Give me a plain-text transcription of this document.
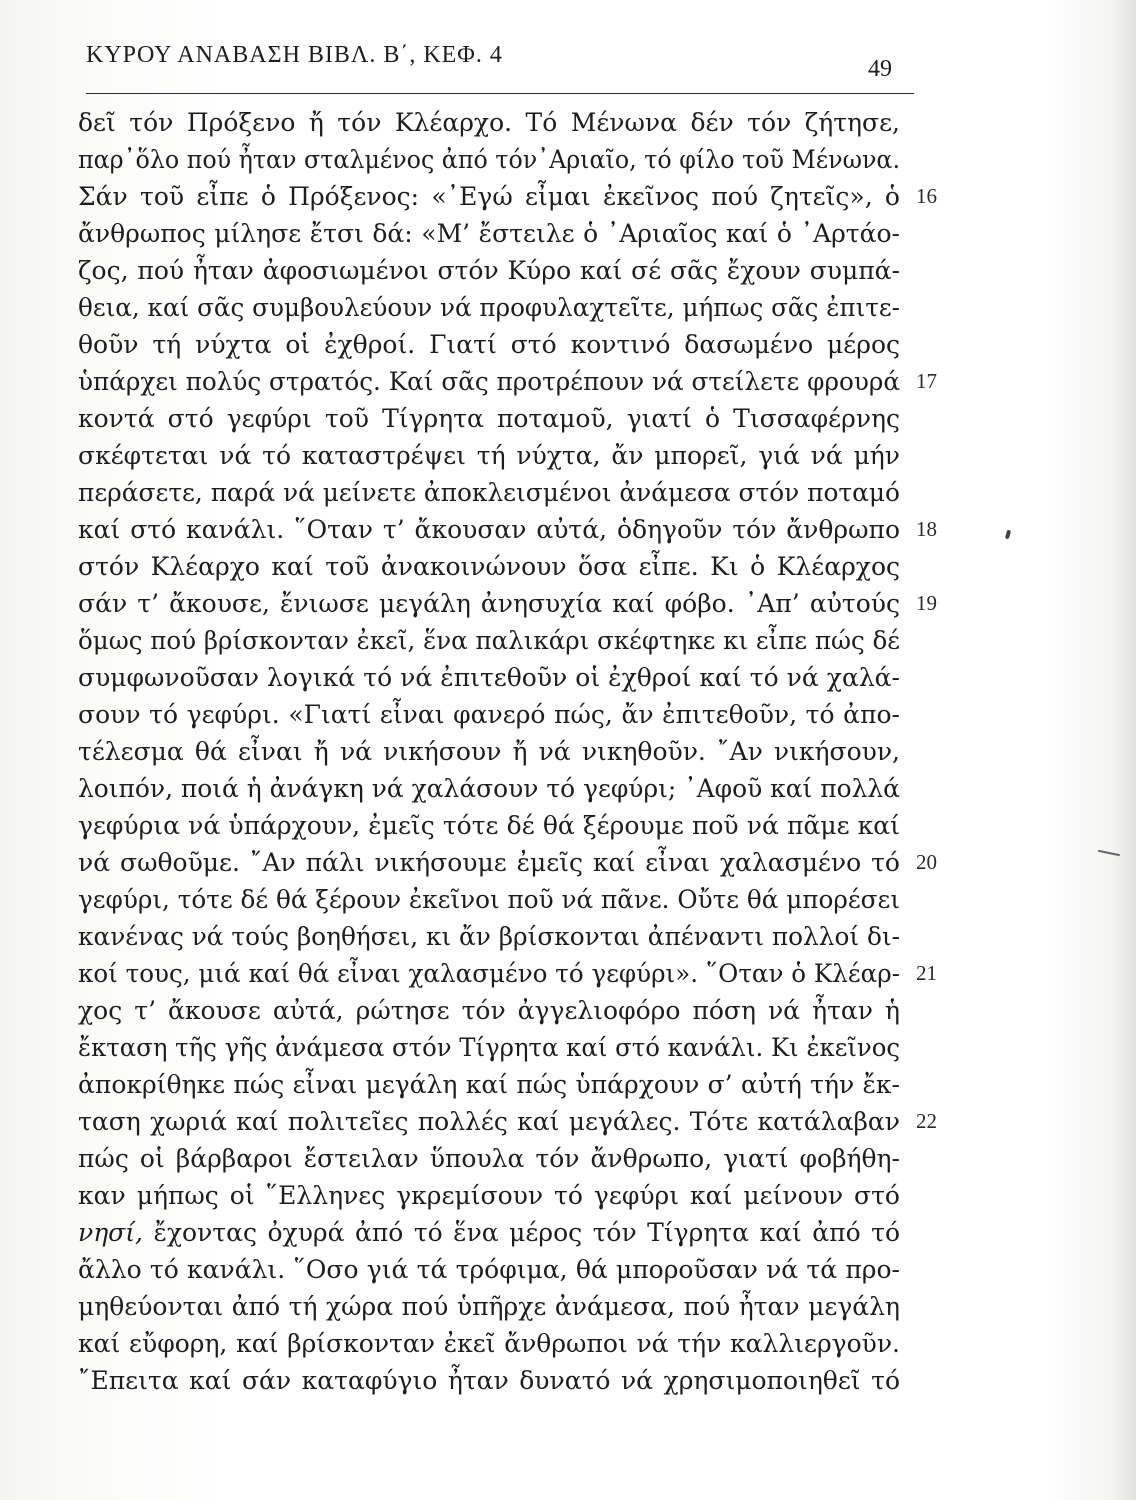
ΚΥΡΟΥ ΑΝΑΒΑΣΗ ΒΙΒΛ. Β΄, ΚΕΦ. 4
49
δεῖ τόν Πρόξενο ἤ τόν Κλέαρχο. Τό Μένωνα δέν τόν ζήτησε,
παρ᾽ὅλο πού ἦταν σταλμένος ἀπό τόν᾽Αριαῖο, τό φίλο τοῦ Μένωνα.
Σάν τοῦ εἶπε ὁ Πρόξενος: «᾽Εγώ εἶμαι ἐκεῖνος πού ζητεῖς», ὁ 16
ἄνθρωπος μίλησε ἔτσι δά: «Μ’ ἔστειλε ὁ ᾽Αριαῖος καί ὁ ᾽Αρτάο-
ζος, πού ἦταν ἀφοσιωμένοι στόν Κύρο καί σέ σᾶς ἔχουν συμπά-
θεια, καί σᾶς συμβουλεύουν νά προφυλαχτεῖτε, μήπως σᾶς ἐπιτε-
θοῦν τή νύχτα οἱ ἐχθροί. Γιατί στό κοντινό δασωμένο μέρος
ὑπάρχει πολύς στρατός. Καί σᾶς προτρέπουν νά στείλετε φρουρά 17
κοντά στό γεφύρι τοῦ Τίγρητα ποταμοῦ, γιατί ὁ Τισσαφέρνης
σκέφτεται νά τό καταστρέψει τή νύχτα, ἄν μπορεῖ, γιά νά μήν
περάσετε, παρά νά μείνετε ἀποκλεισμένοι ἀνάμεσα στόν ποταμό
καί στό κανάλι. ῞Οταν τ’ ἄκουσαν αὐτά, ὁδηγοῦν τόν ἄνθρωπο 18
στόν Κλέαρχο καί τοῦ ἀνακοινώνουν ὅσα εἶπε. Κι ὁ Κλέαρχος
σάν τ’ ἄκουσε, ἔνιωσε μεγάλη ἀνησυχία καί φόβο. ᾽Απ’ αὐτούς 19
ὅμως πού βρίσκονταν ἐκεῖ, ἕνα παλικάρι σκέφτηκε κι εἶπε πώς δέ
συμφωνοῦσαν λογικά τό νά ἐπιτεθοῦν οἱ ἐχθροί καί τό νά χαλά-
σουν τό γεφύρι. «Γιατί εἶναι φανερό πώς, ἄν ἐπιτεθοῦν, τό ἀπο-
τέλεσμα θά εἶναι ἤ νά νικήσουν ἤ νά νικηθοῦν. ῎Αν νικήσουν,
λοιπόν, ποιά ἡ ἀνάγκη νά χαλάσουν τό γεφύρι; ᾽Αφοῦ καί πολλά
γεφύρια νά ὑπάρχουν, ἐμεῖς τότε δέ θά ξέρουμε ποῦ νά πᾶμε καί
νά σωθοῦμε. ῎Αν πάλι νικήσουμε ἐμεῖς καί εἶναι χαλασμένο τό 20
γεφύρι, τότε δέ θά ξέρουν ἐκεῖνοι ποῦ νά πᾶνε. Οὔτε θά μπορέσει
κανένας νά τούς βοηθήσει, κι ἄν βρίσκονται ἀπέναντι πολλοί δι-
κοί τους, μιά καί θά εἶναι χαλασμένο τό γεφύρι». ῞Οταν ὁ Κλέαρ- 21
χος τ’ ἄκουσε αὐτά, ρώτησε τόν ἀγγελιοφόρο πόση νά ἦταν ἡ
ἔκταση τῆς γῆς ἀνάμεσα στόν Τίγρητα καί στό κανάλι. Κι ἐκεῖνος
ἀποκρίθηκε πώς εἶναι μεγάλη καί πώς ὑπάρχουν σ’ αὐτή τήν ἔκ-
ταση χωριά καί πολιτεῖες πολλές καί μεγάλες. Τότε κατάλαβαν 22
πώς οἱ βάρβαροι ἔστειλαν ὕπουλα τόν ἄνθρωπο, γιατί φοβήθη-
καν μήπως οἱ ῞Ελληνες γκρεμίσουν τό γεφύρι καί μείνουν στό
νησί, ἔχοντας ὀχυρά ἀπό τό ἕνα μέρος τόν Τίγρητα καί ἀπό τό
ἄλλο τό κανάλι. ῞Οσο γιά τά τρόφιμα, θά μποροῦσαν νά τά προ-
μηθεύονται ἀπό τή χώρα πού ὑπῆρχε ἀνάμεσα, πού ἦταν μεγάλη
καί εὔφορη, καί βρίσκονταν ἐκεῖ ἄνθρωποι νά τήν καλλιεργοῦν.
῎Επειτα καί σάν καταφύγιο ἦταν δυνατό νά χρησιμοποιηθεῖ τό
